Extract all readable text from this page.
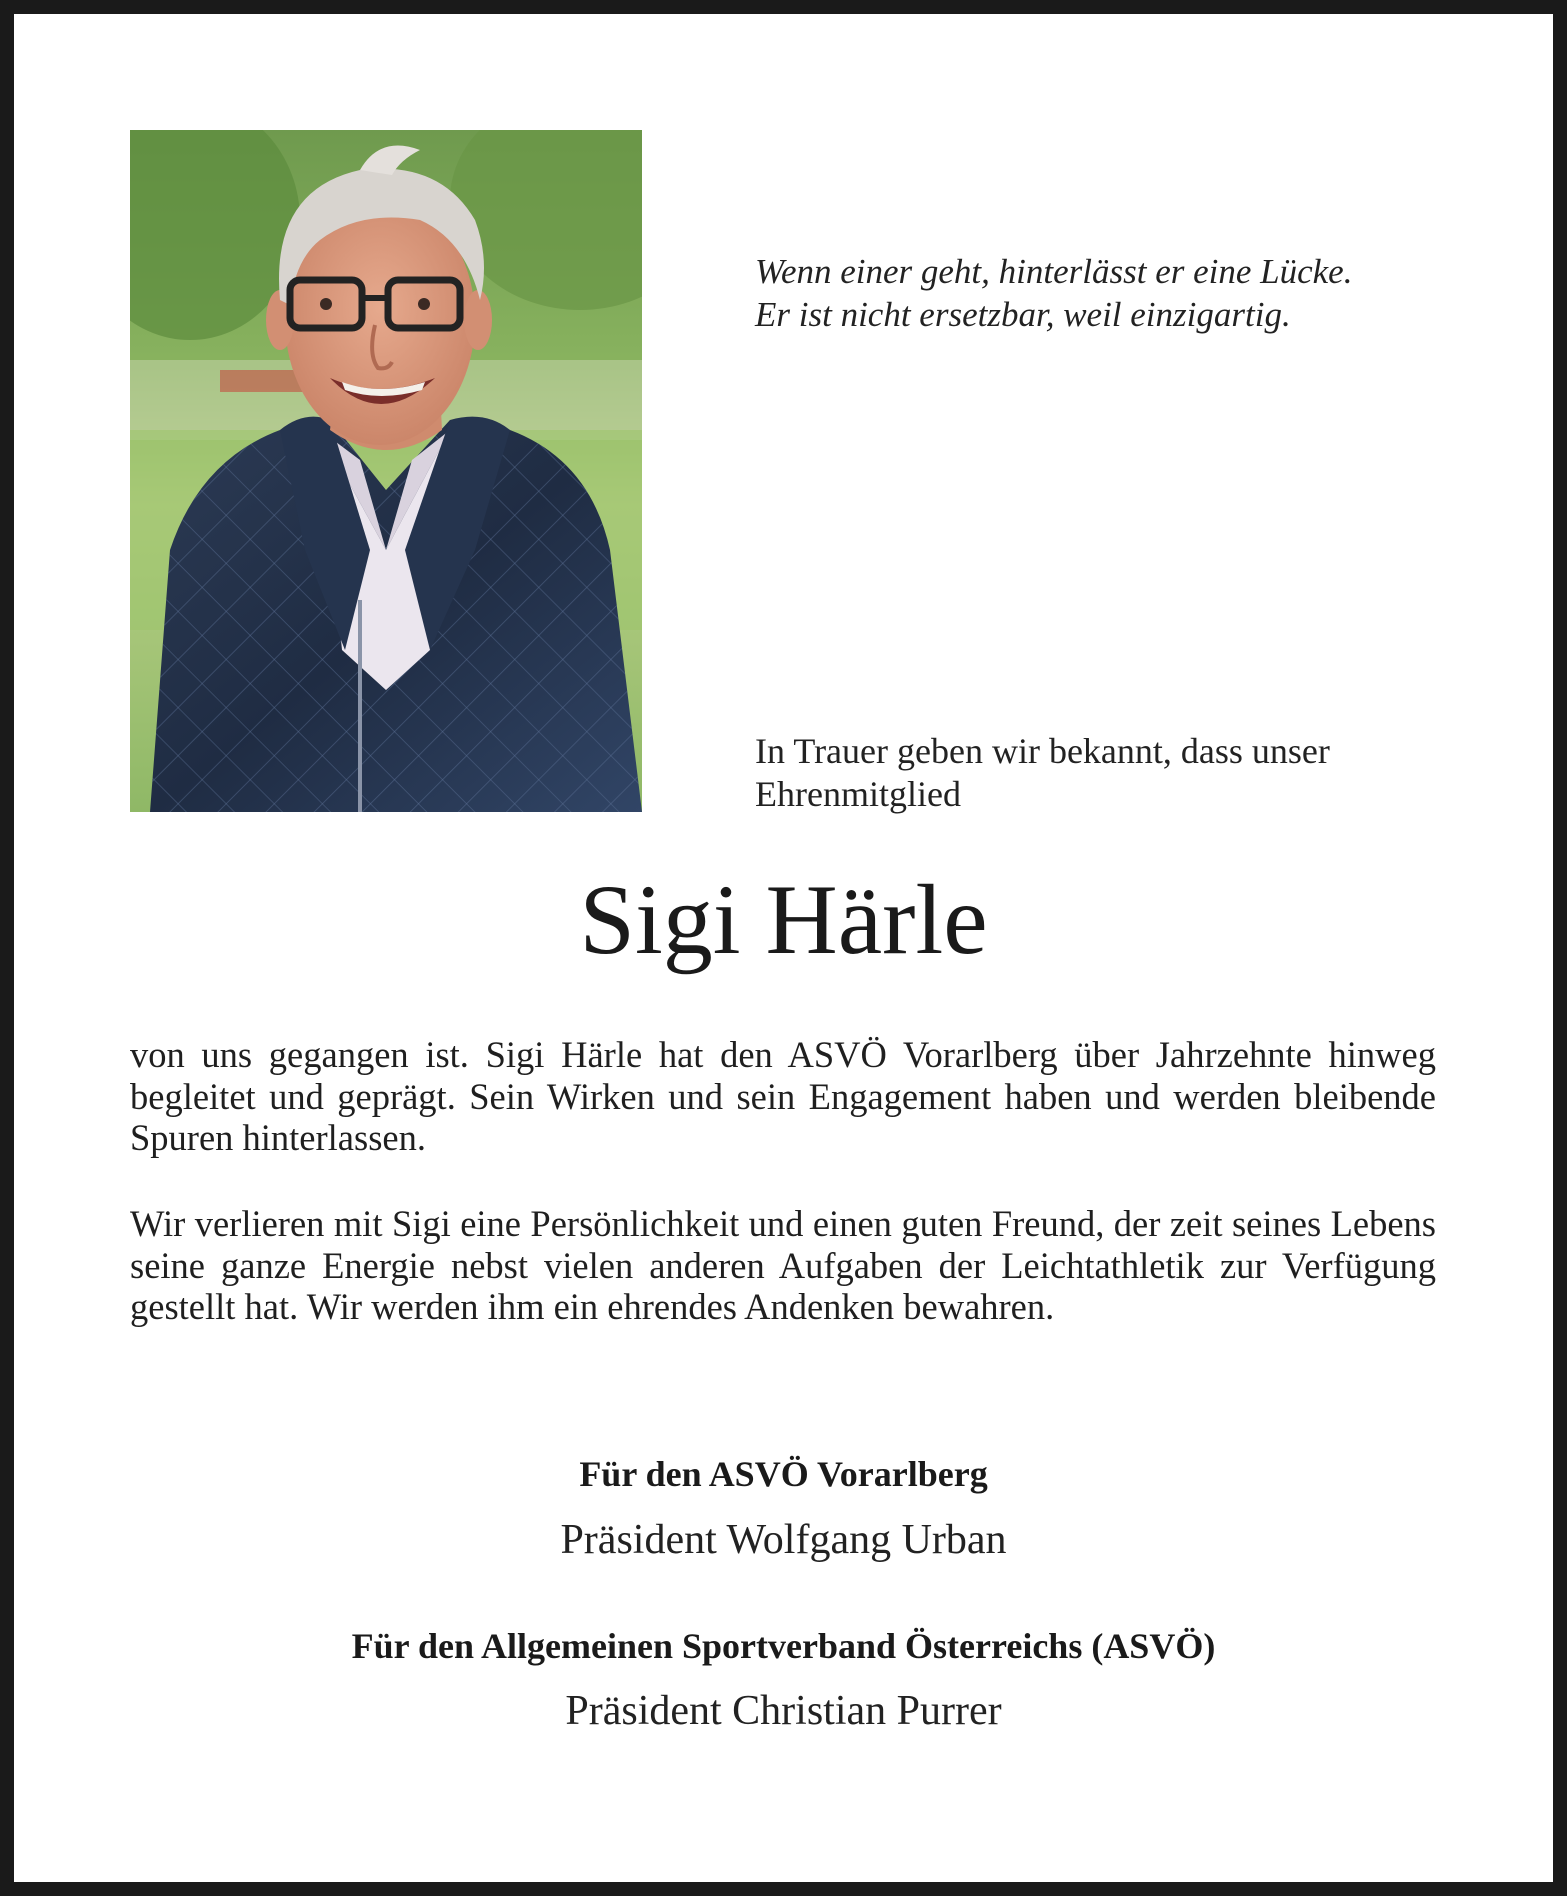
Wenn einer geht, hinterlässt er eine Lücke.
Er ist nicht ersetzbar, weil einzigartig.
In Trauer geben wir bekannt, dass unser Ehrenmitglied
Sigi Härle
von uns gegangen ist. Sigi Härle hat den ASVÖ Vorarlberg über Jahrzehnte hinweg begleitet und geprägt. Sein Wirken und sein Engagement haben und werden bleibende Spuren hinterlassen.
Wir verlieren mit Sigi eine Persönlichkeit und einen guten Freund, der zeit seines Lebens seine ganze Energie nebst vielen anderen Aufgaben der Leichtathletik zur Verfügung gestellt hat. Wir werden ihm ein ehrendes Andenken bewahren.
Für den ASVÖ Vorarlberg
Präsident Wolfgang Urban
Für den Allgemeinen Sportverband Österreichs (ASVÖ)
Präsident Christian Purrer
